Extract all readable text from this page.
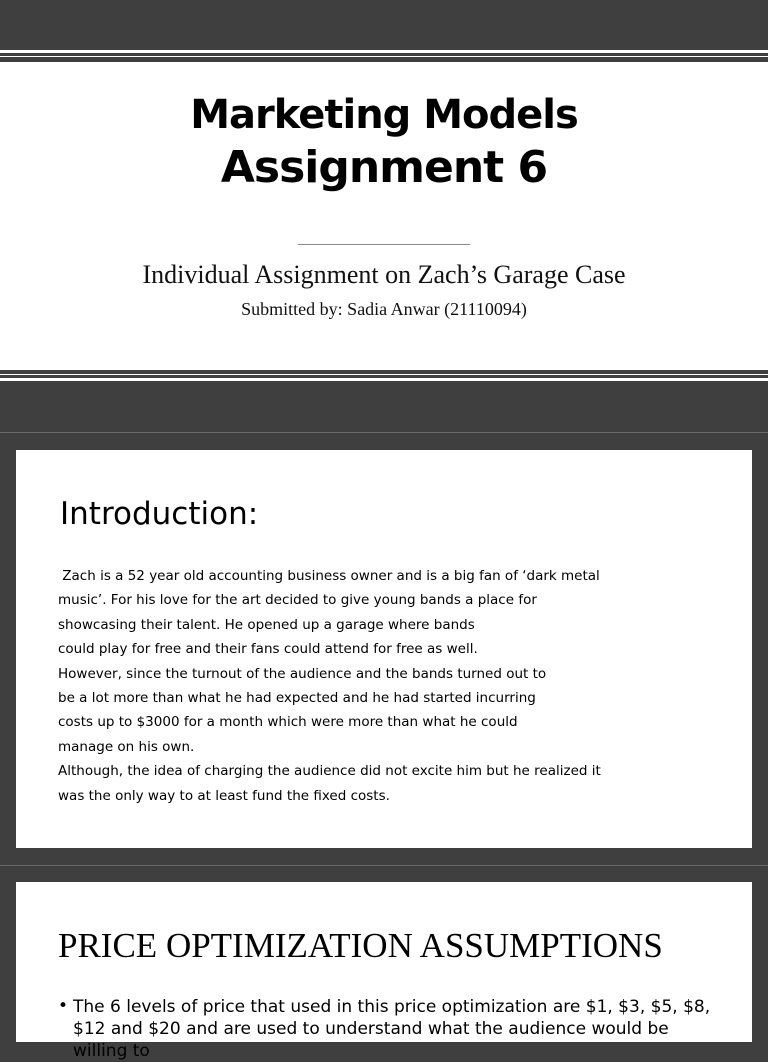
Marketing Models
Assignment 6
Individual Assignment on Zach’s Garage Case
Submitted by: Sadia Anwar (21110094)
Introduction:
Zach is a 52 year old accounting business owner and is a big fan of ‘dark metal
music’. For his love for the art decided to give young bands a place for
showcasing their talent. He opened up a garage where bands
could play for free and their fans could attend for free as well.
However, since the turnout of the audience and the bands turned out to
be a lot more than what he had expected and he had started incurring
costs up to $3000 for a month which were more than what he could
manage on his own.
Although, the idea of charging the audience did not excite him but he realized it
was the only way to at least fund the fixed costs.
PRICE OPTIMIZATION ASSUMPTIONS
• The 6 levels of price that used in this price optimization are $1, $3, $5, $8, $12 and $20 and are used to understand what the audience would be willing to
